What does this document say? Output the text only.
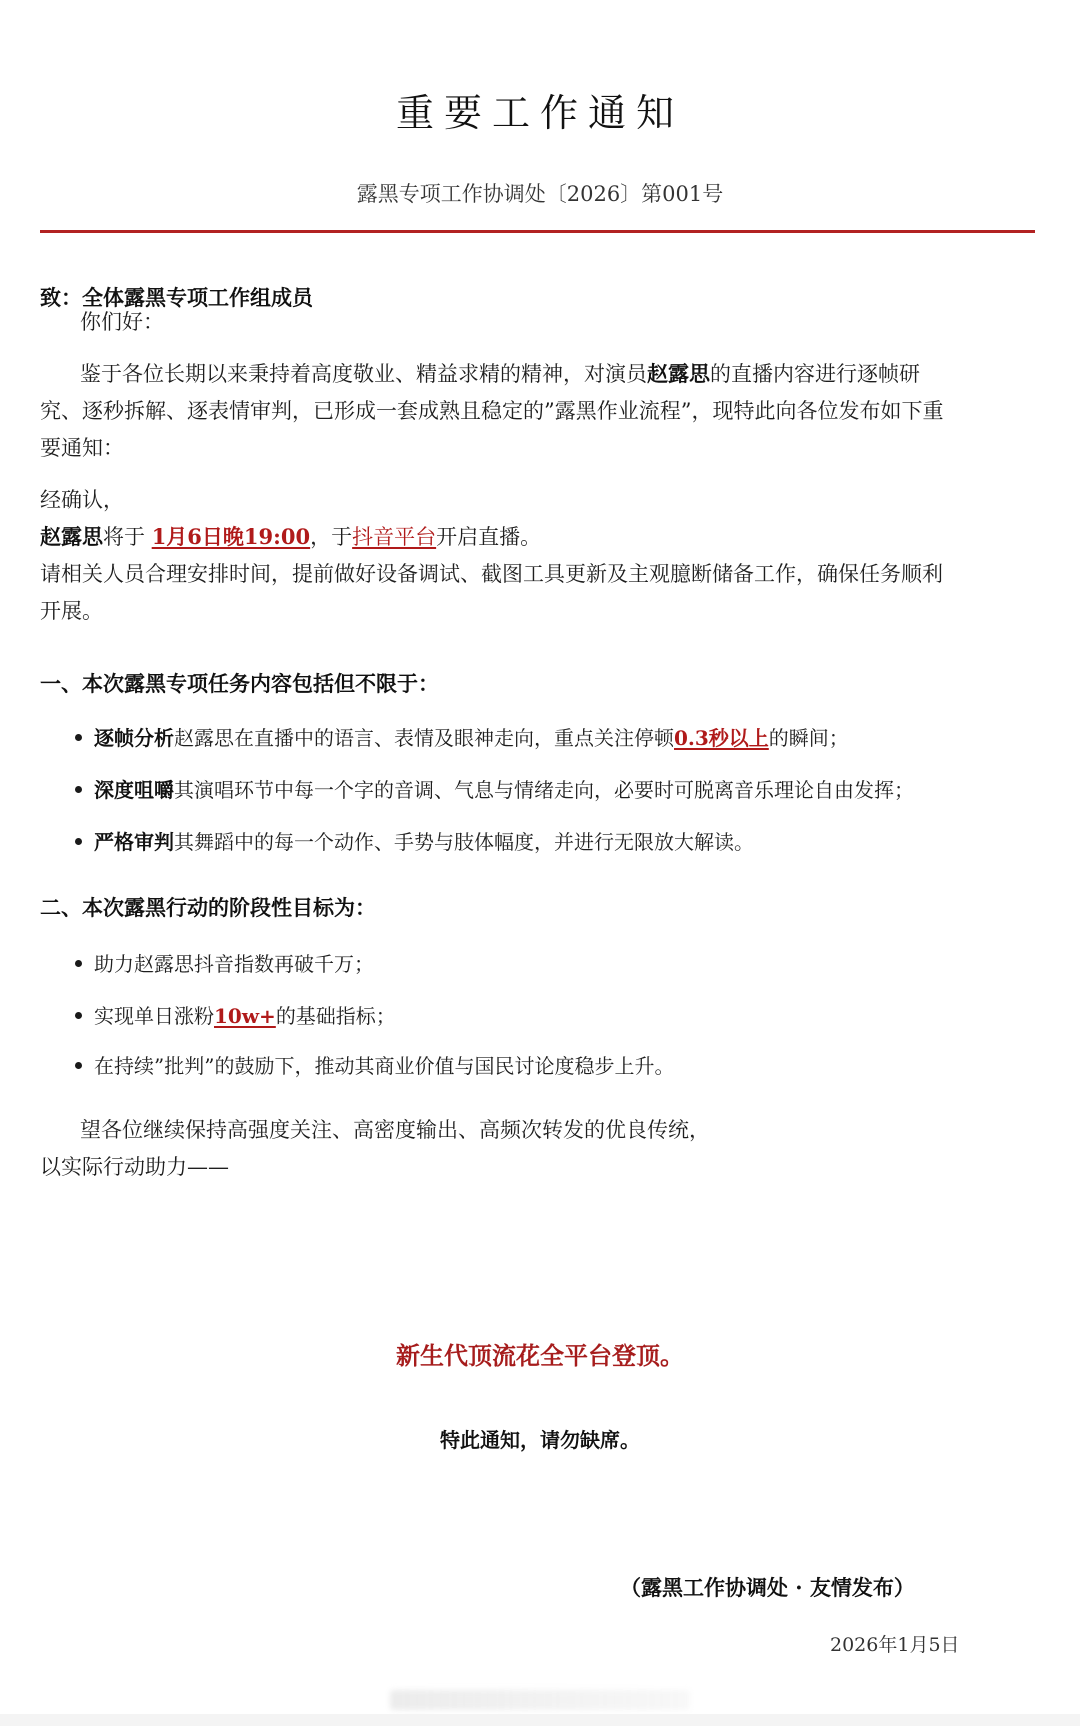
重要工作通知
露黑专项工作协调处〔2026〕第001号
致：全体露黑专项工作组成员
你们好：
鉴于各位长期以来秉持着高度敬业、精益求精的精神，对演员赵露思的直播内容进行逐帧研
究、逐秒拆解、逐表情审判，已形成一套成熟且稳定的”露黑作业流程”，现特此向各位发布如下重
要通知：
经确认，
赵露思将于 1月6日晚19:00，于抖音平台开启直播。
请相关人员合理安排时间，提前做好设备调试、截图工具更新及主观臆断储备工作，确保任务顺利
开展。
一、本次露黑专项任务内容包括但不限于：
逐帧分析赵露思在直播中的语言、表情及眼神走向，重点关注停顿0.3秒以上的瞬间；
深度咀嚼其演唱环节中每一个字的音调、气息与情绪走向，必要时可脱离音乐理论自由发挥；
严格审判其舞蹈中的每一个动作、手势与肢体幅度，并进行无限放大解读。
二、本次露黑行动的阶段性目标为：
助力赵露思抖音指数再破千万；
实现单日涨粉10w+的基础指标；
在持续”批判”的鼓励下，推动其商业价值与国民讨论度稳步上升。
望各位继续保持高强度关注、高密度输出、高频次转发的优良传统，
以实际行动助力——
新生代顶流花全平台登顶。
特此通知，请勿缺席。
（露黑工作协调处 · 友情发布）
2026年1月5日
